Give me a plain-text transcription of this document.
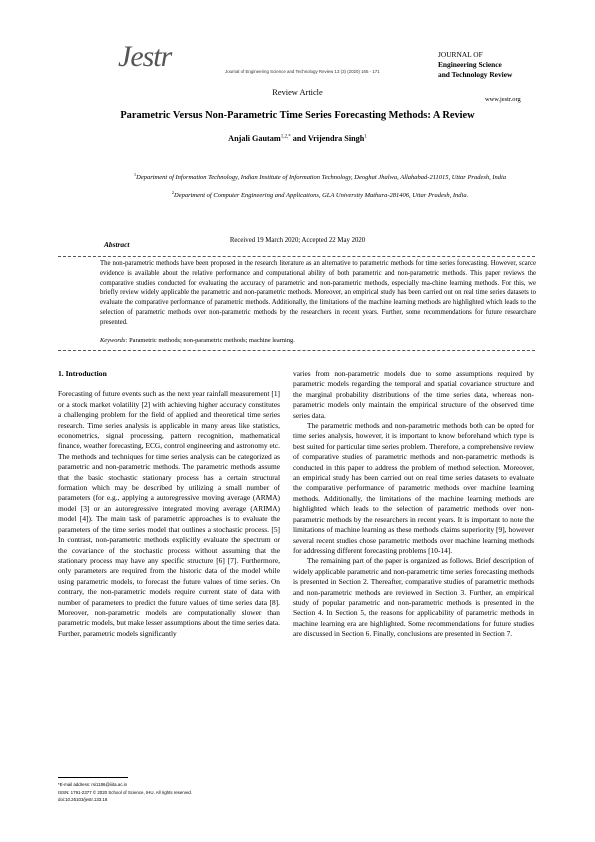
Jestr	Journal of Engineering Science and Technology Review 13 (3) (2020) 165 - 171
JOURNAL OF
Engineering Science
and Technology Review
www.jestr.org
Review Article
Parametric Versus Non-Parametric Time Series Forecasting Methods: A Review
Anjali Gautam$^{1,2,*}$ and Vrijendra Singh$^1$
$^1$Department of Information Technology, Indian Institute of Information Technology, Deoghat Jhalwa, Allahabad-211015, Uttar Pradesh, India
$^2$Department of Computer Engineering and Applications, GLA University Mathura-281406, Uttar Pradesh, India.
Received 19 March 2020; Accepted 22 May 2020
Abstract
The non-parametric methods have been proposed in the research literature as an alternative to parametric methods for time series forecasting. However, scarce evidence is available about the relative performance and computational ability of both parametric and non-parametric methods. This paper reviews the comparative studies conducted for evaluating the accuracy of parametric and non-parametric methods, especially ma-chine learning methods. For this, we briefly review widely applicable the parametric and non-parametric methods. Moreover, an empirical study has been carried out on real time series datasets to evaluate the comparative performance of parametric methods. Additionally, the limitations of the machine learning methods are highlighted which leads to the selection of parametric methods over non-parametric methods by the researchers in recent years. Further, some recommendations for future researchare presented.
Keywords: Parametric methods; non-parametric methods; machine learning.
1. Introduction

Forecasting of future events such as the next year rainfall measurement [1] or a stock market volatility [2] with achieving higher accuracy constitutes a challenging problem for the field of applied and theoretical time series research. Time series analysis is applicable in many areas like statistics, econometrics, signal processing, pattern recognition, mathematical finance, weather forecasting, ECG, control engineering and astronomy etc. The methods and techniques for time series analysis can be categorized as parametric and non-parametric methods. The parametric methods assume that the basic stochastic stationary process has a certain structural formation which may be described by utilizing a small number of parameters (for e.g., applying a autoregressive moving average (ARMA) model [3] or an autoregressive integrated moving average (ARIMA) model [4]). The main task of parametric approaches is to evaluate the parameters of the time series model that outlines a stochastic process. [5] In contrast, non-parametric methods explicitly evaluate the spectrum or the covariance of the stochastic process without assuming that the stationary process may have any specific structure [6] [7]. Furthermore, only parameters are required from the historic data of the model while using parametric models, to forecast the future values of time series. On contrary, the non-parametric models require current state of data with number of parameters to predict the future values of time series data [8]. Moreover, non-parametric models are computationally slower than parametric models, but make lesser assumptions about the time series data. Further, parametric models significantly

varies from non-parametric models due to some assumptions required by parametric models regarding the temporal and spatial covariance structure and the marginal probability distributions of the time series data, whereas non-parametric models only maintain the empirical structure of the observed time series data.

The parametric methods and non-parametric methods both can be opted for time series analysis, however, it is important to know beforehand which type is best suited for particular time series problem. Therefore, a comprehensive review of comparative studies of parametric methods and non-parametric methods is conducted in this paper to address the problem of method selection. Moreover, an empirical study has been carried out on real time series datasets to evaluate the comparative performance of parametric methods over machine learning methods. Additionally, the limitations of the machine learning methods are highlighted which leads to the selection of parametric methods over non-parametric methods by the researchers in recent years. It is important to note the limitations of machine learning as these methods claims superiority [9], however several recent studies chose parametric methods over machine learning methods for addressing different forecasting problems [10-14].

The remaining part of the paper is organized as follows. Brief description of widely applicable parametric and non-parametric time series forecasting methods is presented in Section 2. Thereafter, comparative studies of parametric methods and non-parametric methods are reviewed in Section 3. Further, an empirical study of popular parametric and non-parametric methods is presented in the Section 4. In Section 5, the reasons for applicability of parametric methods in machine learning era are highlighted. Some recommendations for future studies are discussed in Section 6. Finally, conclusions are presented in Section 7.

*E-mail address: rsi1186@iiita.ac.in
ISSN: 1791-2377 © 2020 School of Science, IHU. All rights reserved.
doi:10.25103/jestr.133.18
